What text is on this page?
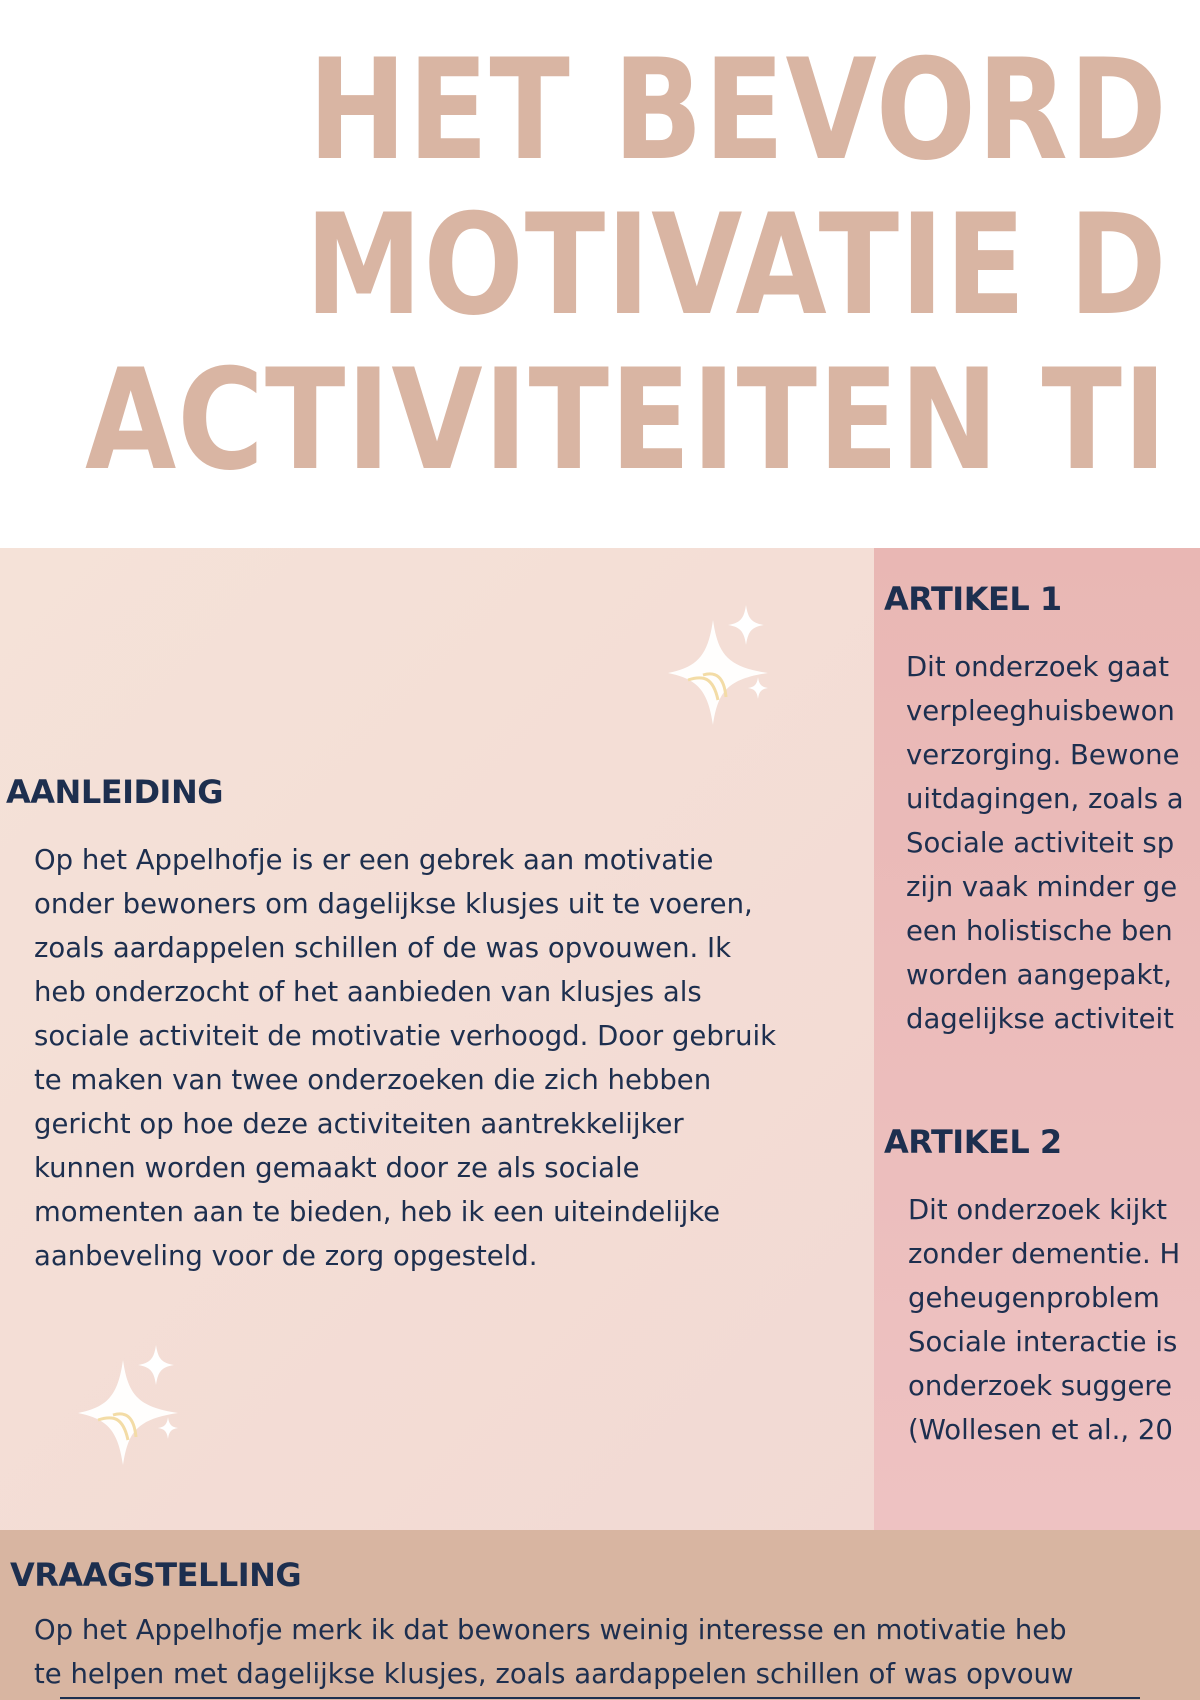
HET BEVORD
MOTIVATIE D
ACTIVITEITEN TI
AANLEIDING

Op het Appelhofje is er een gebrek aan motivatie
onder bewoners om dagelijkse klusjes uit te voeren,
zoals aardappelen schillen of de was opvouwen. Ik
heb onderzocht of het aanbieden van klusjes als
sociale activiteit de motivatie verhoogd. Door gebruik
te maken van twee onderzoeken die zich hebben
gericht op hoe deze activiteiten aantrekkelijker
kunnen worden gemaakt door ze als sociale
momenten aan te bieden, heb ik een uiteindelijke
aanbeveling voor de zorg opgesteld.

ARTIKEL 1

Dit onderzoek gaat
verpleeghuisbewon
verzorging. Bewone
uitdagingen, zoals a
Sociale activiteit sp
zijn vaak minder ge
een holistische ben
worden aangepakt,
dagelijkse activiteit

ARTIKEL 2

Dit onderzoek kijkt
zonder dementie. H
geheugenproblem
Sociale interactie is
onderzoek suggere
(Wollesen et al., 20

VRAAGSTELLING

Op het Appelhofje merk ik dat bewoners weinig interesse en motivatie heb
te helpen met dagelijkse klusjes, zoals aardappelen schillen of was opvouw
